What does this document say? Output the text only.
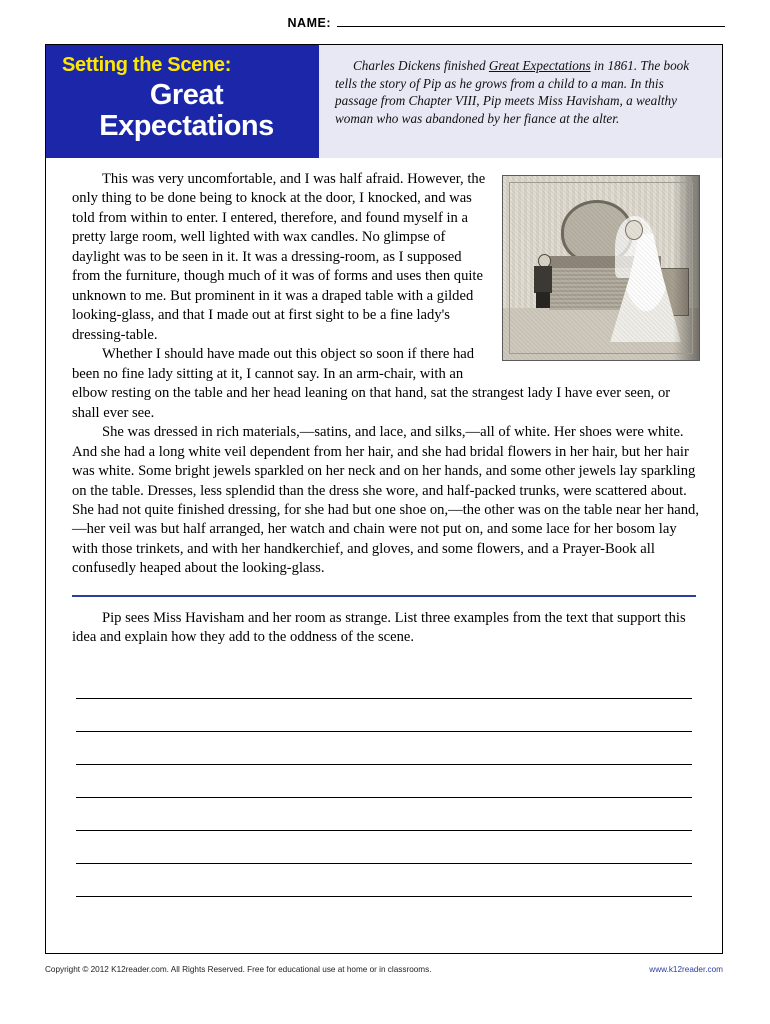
NAME:
Setting the Scene:
Great
Expectations
Charles Dickens finished Great Expectations in 1861. The book tells the story of Pip as he grows from a child to a man. In this passage from Chapter VIII, Pip meets Miss Havisham, a wealthy woman who was abandoned by her fiance at the alter.

This was very uncomfortable, and I was half afraid. However, the only thing to be done being to knock at the door, I knocked, and was told from within to enter. I entered, therefore, and found myself in a pretty large room, well lighted with wax candles. No glimpse of daylight was to be seen in it. It was a dressing-room, as I supposed from the furniture, though much of it was of forms and uses then quite unknown to me. But prominent in it was a draped table with a gilded looking-glass, and that I made out at first sight to be a fine lady's dressing-table.

Whether I should have made out this object so soon if there had been no fine lady sitting at it, I cannot say. In an arm-chair, with an elbow resting on the table and her head leaning on that hand, sat the strangest lady I have ever seen, or shall ever see.

She was dressed in rich materials,—satins, and lace, and silks,—all of white. Her shoes were white. And she had a long white veil dependent from her hair, and she had bridal flowers in her hair, but her hair was white. Some bright jewels sparkled on her neck and on her hands, and some other jewels lay sparkling on the table. Dresses, less splendid than the dress she wore, and half-packed trunks, were scattered about. She had not quite finished dressing, for she had but one shoe on,—the other was on the table near her hand,—her veil was but half arranged, her watch and chain were not put on, and some lace for her bosom lay with those trinkets, and with her handkerchief, and gloves, and some flowers, and a Prayer-Book all confusedly heaped about the looking-glass.

Pip sees Miss Havisham and her room as strange. List three examples from the text that support this idea and explain how they add to the oddness of the scene.
Copyright © 2012 K12reader.com. All Rights Reserved. Free for educational use at home or in classrooms.	www.k12reader.com
